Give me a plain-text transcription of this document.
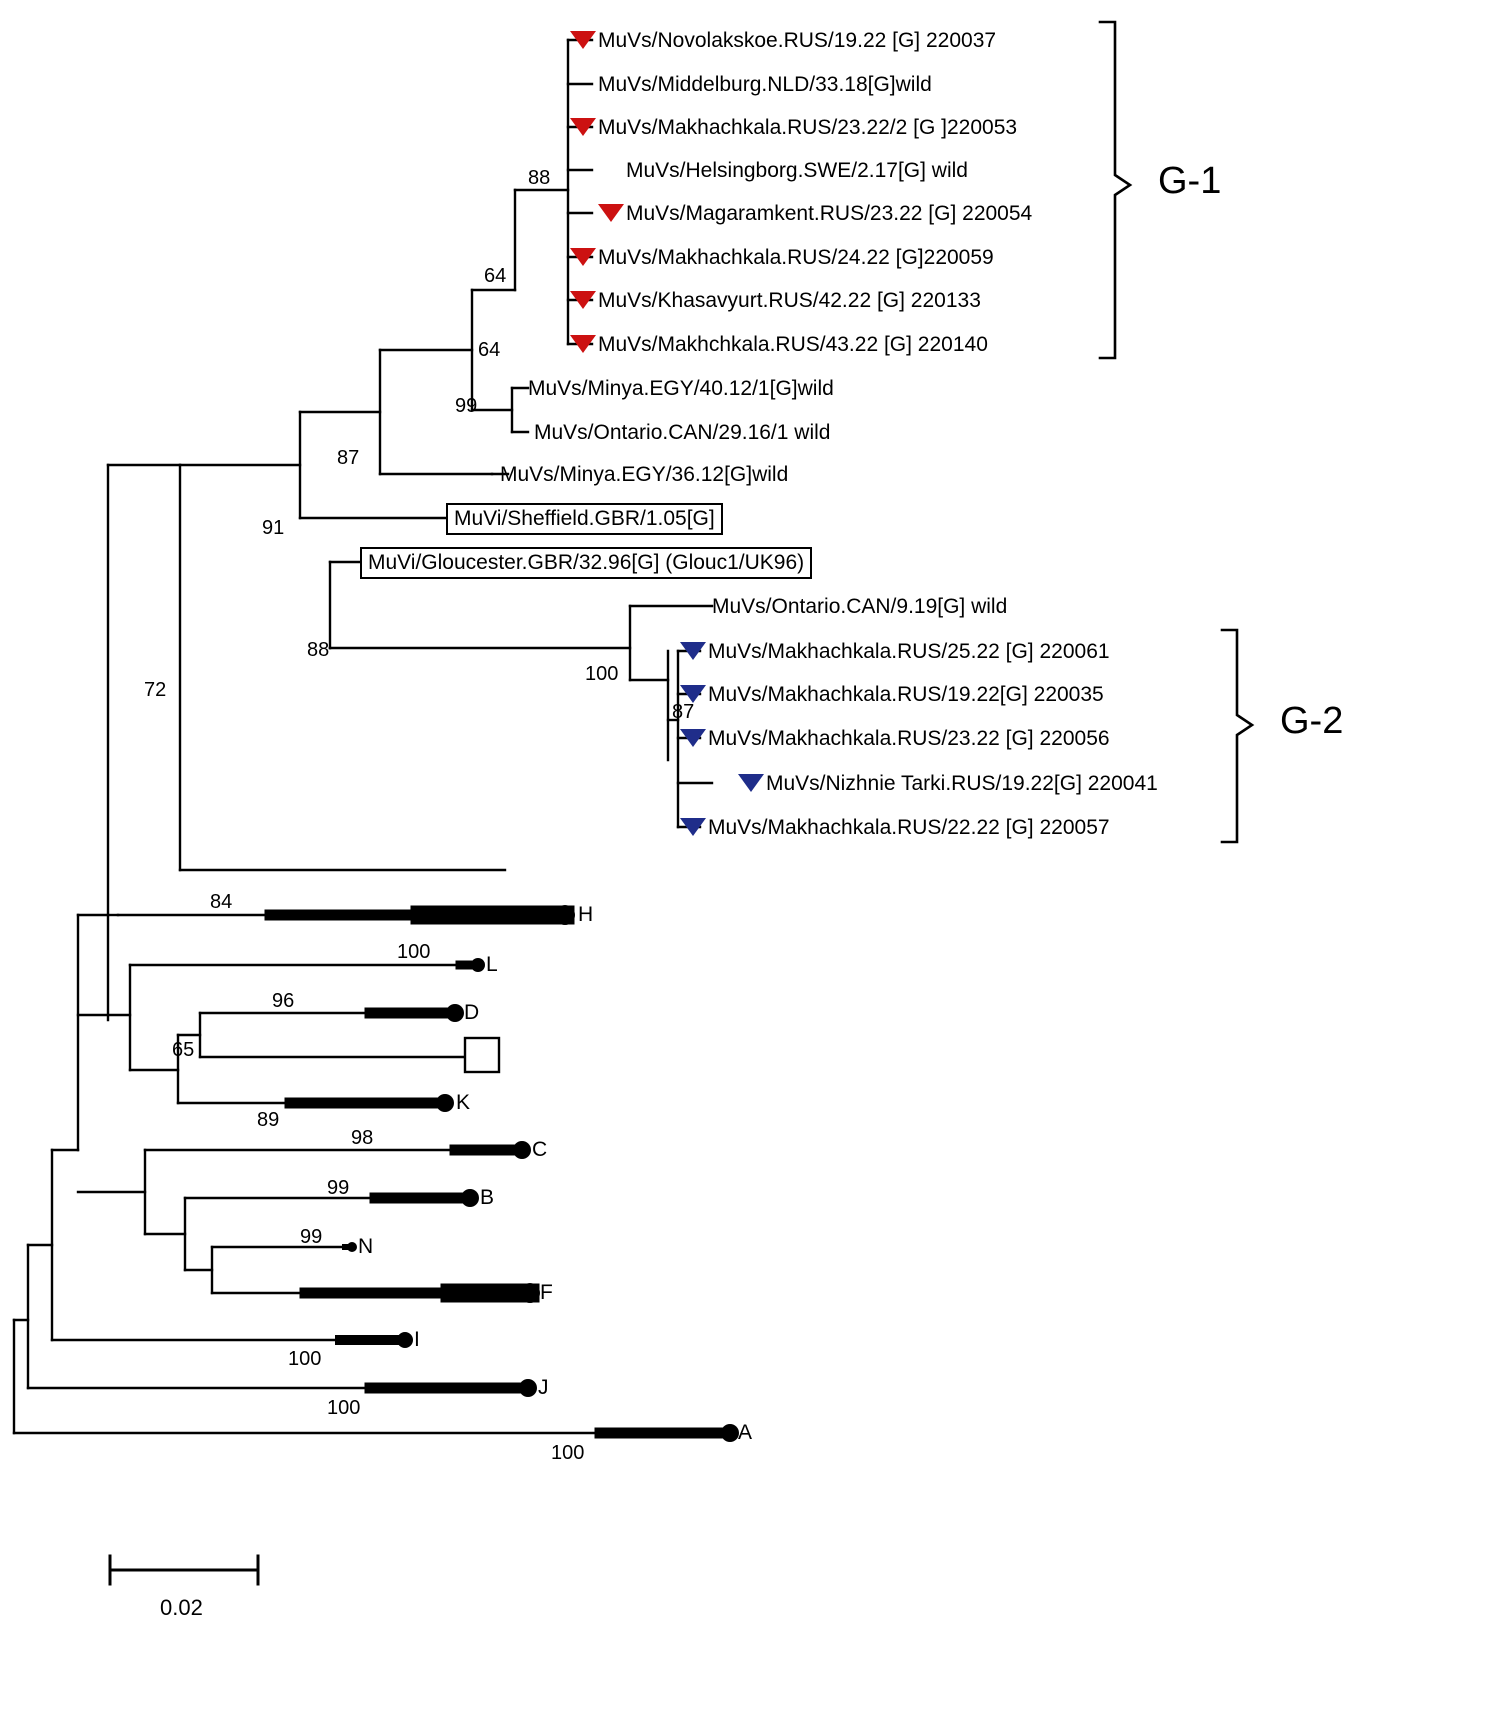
MuVs/Novolakskoe.RUS/19.22 [G] 220037
MuVs/Middelburg.NLD/33.18[G]wild
MuVs/Makhachkala.RUS/23.22/2 [G ]220053
MuVs/Helsingborg.SWE/2.17[G] wild
MuVs/Magaramkent.RUS/23.22 [G] 220054
MuVs/Makhachkala.RUS/24.22 [G]220059
MuVs/Khasavyurt.RUS/42.22 [G] 220133
MuVs/Makhchkala.RUS/43.22 [G] 220140
MuVs/Minya.EGY/40.12/1[G]wild
MuVs/Ontario.CAN/29.16/1 wild
MuVs/Minya.EGY/36.12[G]wild
MuVi/Sheffield.GBR/1.05[G]
MuVi/Gloucester.GBR/32.96[G] (Glouc1/UK96)
MuVs/Ontario.CAN/9.19[G] wild
MuVs/Makhachkala.RUS/25.22 [G] 220061
MuVs/Makhachkala.RUS/19.22[G] 220035
MuVs/Makhachkala.RUS/23.22 [G] 220056
MuVs/Nizhnie Tarki.RUS/19.22[G] 220041
MuVs/Makhachkala.RUS/22.22 [G] 220057
H
L
D
K
C
B
N
F
I
J
A
88
64
64
99
87
91
88
100
87
72
84
100
96
65
89
98
99
99
100
100
100
G-1
G-2
0.02
